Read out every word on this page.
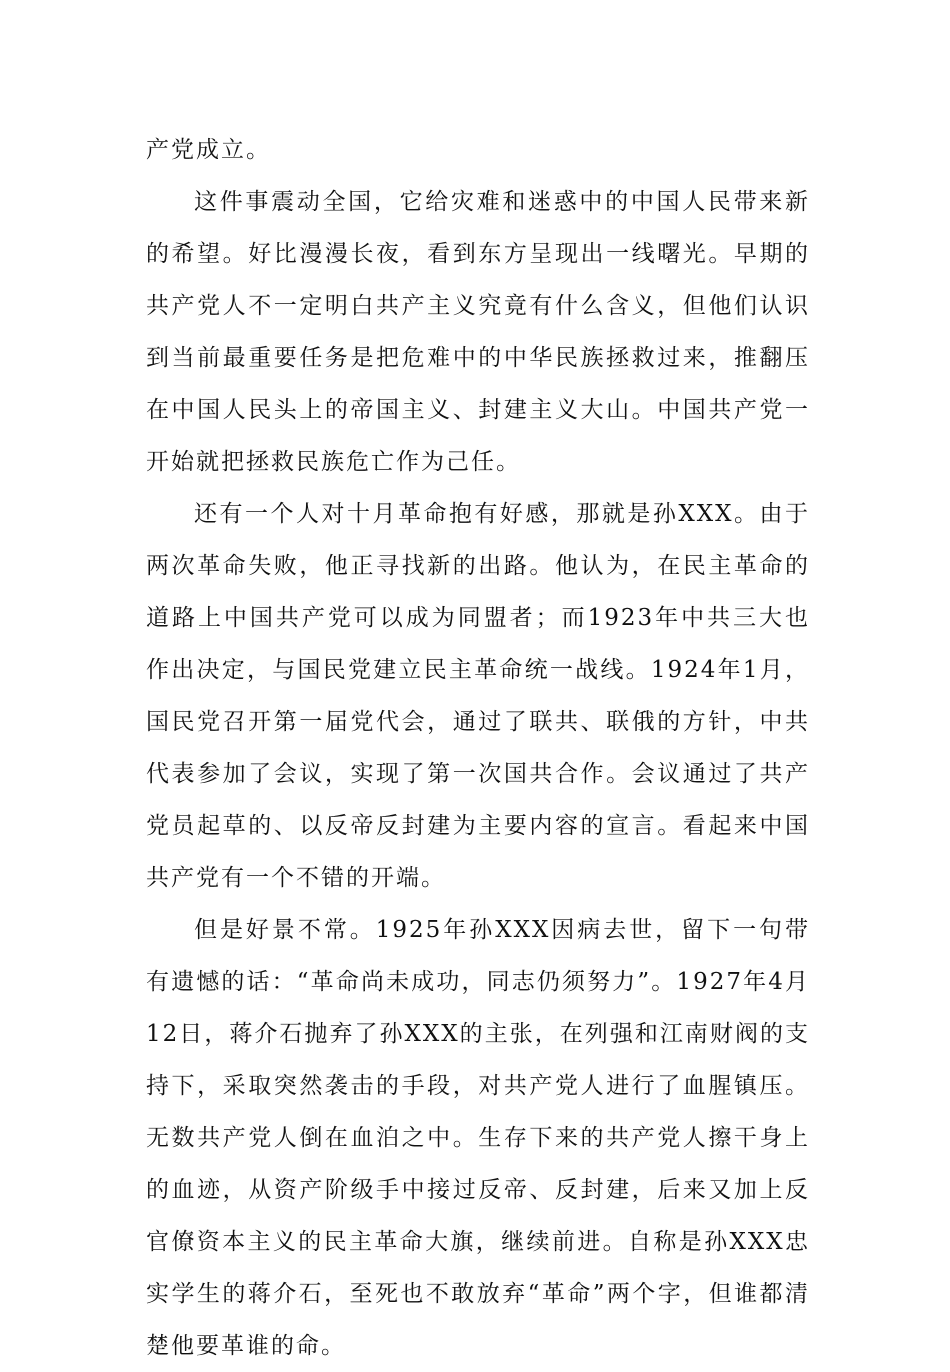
产党成立。

这件事震动全国，它给灾难和迷惑中的中国人民带来新的希望。好比漫漫长夜，看到东方呈现出一线曙光。早期的共产党人不一定明白共产主义究竟有什么含义，但他们认识到当前最重要任务是把危难中的中华民族拯救过来，推翻压在中国人民头上的帝国主义、封建主义大山。中国共产党一开始就把拯救民族危亡作为己任。

还有一个人对十月革命抱有好感，那就是孙XXX。由于两次革命失败，他正寻找新的出路。他认为，在民主革命的道路上中国共产党可以成为同盟者；而1923年中共三大也作出决定，与国民党建立民主革命统一战线。1924年1月，国民党召开第一届党代会，通过了联共、联俄的方针，中共代表参加了会议，实现了第一次国共合作。会议通过了共产党员起草的、以反帝反封建为主要内容的宣言。看起来中国共产党有一个不错的开端。

但是好景不常。1925年孙XXX因病去世，留下一句带有遗憾的话：“革命尚未成功，同志仍须努力”。1927年4月12日，蒋介石抛弃了孙XXX的主张，在列强和江南财阀的支持下，采取突然袭击的手段，对共产党人进行了血腥镇压。无数共产党人倒在血泊之中。生存下来的共产党人擦干身上的血迹，从资产阶级手中接过反帝、反封建，后来又加上反官僚资本主义的民主革命大旗，继续前进。自称是孙XXX忠实学生的蒋介石，至死也不敢放弃“革命”两个字，但谁都清楚他要革谁的命。
